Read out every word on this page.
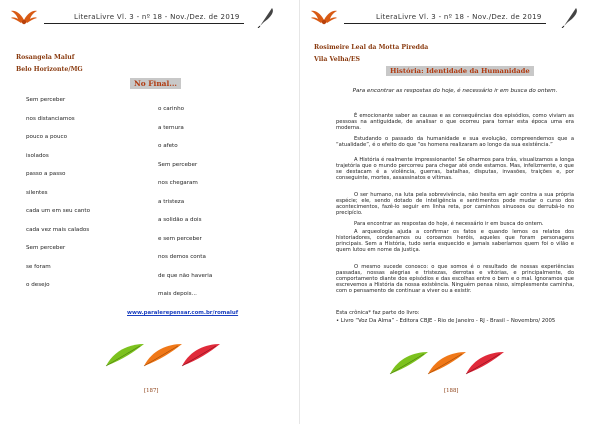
LiteraLivre Vl. 3 - nº 18 - Nov./Dez. de 2019
Rosangela Maluf
Belo Horizonte/MG
No Final...
Sem perceber
nos distanciamos
pouco a pouco
isolados
passo a passo
silentes
cada um em seu canto
cada vez mais calados
Sem perceber
se foram
o desejo
o carinho
a ternura
o afeto
Sem perceber
nos chegaram
a tristeza
a solidão a dois
e sem perceber
nos demos conta
de que não haveria
mais depois...
www.paralerepensar.com.br/romaluf
[187]
LiteraLivre Vl. 3 - nº 18 - Nov./Dez. de 2019
Rosimeire Leal da Motta Piredda
Vila Velha/ES
História: Identidade da Humanidade
Para encontrar as respostas do hoje, é necessário ir em busca do ontem.

É emocionante saber as causas e as consequências dos episódios, como viviam as pessoas na antiguidade, de analisar o que ocorreu para tornar esta época uma era moderna.

Estudando o passado da humanidade e sua evolução, compreendemos que a “atualidade”, é o efeito do que “os homens realizaram ao longo da sua existência.”

A História é realmente impressionante! Se olharmos para trás, visualizamos a longa trajetória que o mundo percorreu para chegar até onde estamos. Mas, infelizmente, o que se destacam é a violência, guerras, batalhas, disputas, invasões, traições e, por conseguinte, mortes, assassinatos e vítimas.

O ser humano, na luta pela sobrevivência, não hesita em agir contra a sua própria espécie; ele, sendo dotado de inteligência e sentimentos pode mudar o curso dos acontecimentos, fazê-lo seguir em linha reta, por caminhos sinuosos ou derrubá-lo no precipício.

Para encontrar as respostas do hoje, é necessário ir em busca do ontem.

A arqueologia ajuda a confirmar os fatos e quando lemos os relatos dos historiadores, condenamos ou coroamos heróis, aqueles que foram personagens principais. Sem a História, tudo seria esquecido e jamais saberíamos quem foi o vilão e quem lutou em nome da justiça.

O mesmo sucede conosco: o que somos é o resultado de nossas experiências passadas, nossas alegrias e tristezas, derrotas e vitórias, e principalmente, do comportamento diante dos episódios e das escolhas entre o bem e o mal. Ignoramos que escrevemos a História da nossa existência. Ninguém pensa nisso, simplesmente caminha, com o pensamento de continuar a viver ou a existir.

Esta crônica* faz parte do livro:
• Livro “Voz Da Alma” - Editora CBJE - Rio de Janeiro - RJ - Brasil – Novembro/ 2005
[188]
